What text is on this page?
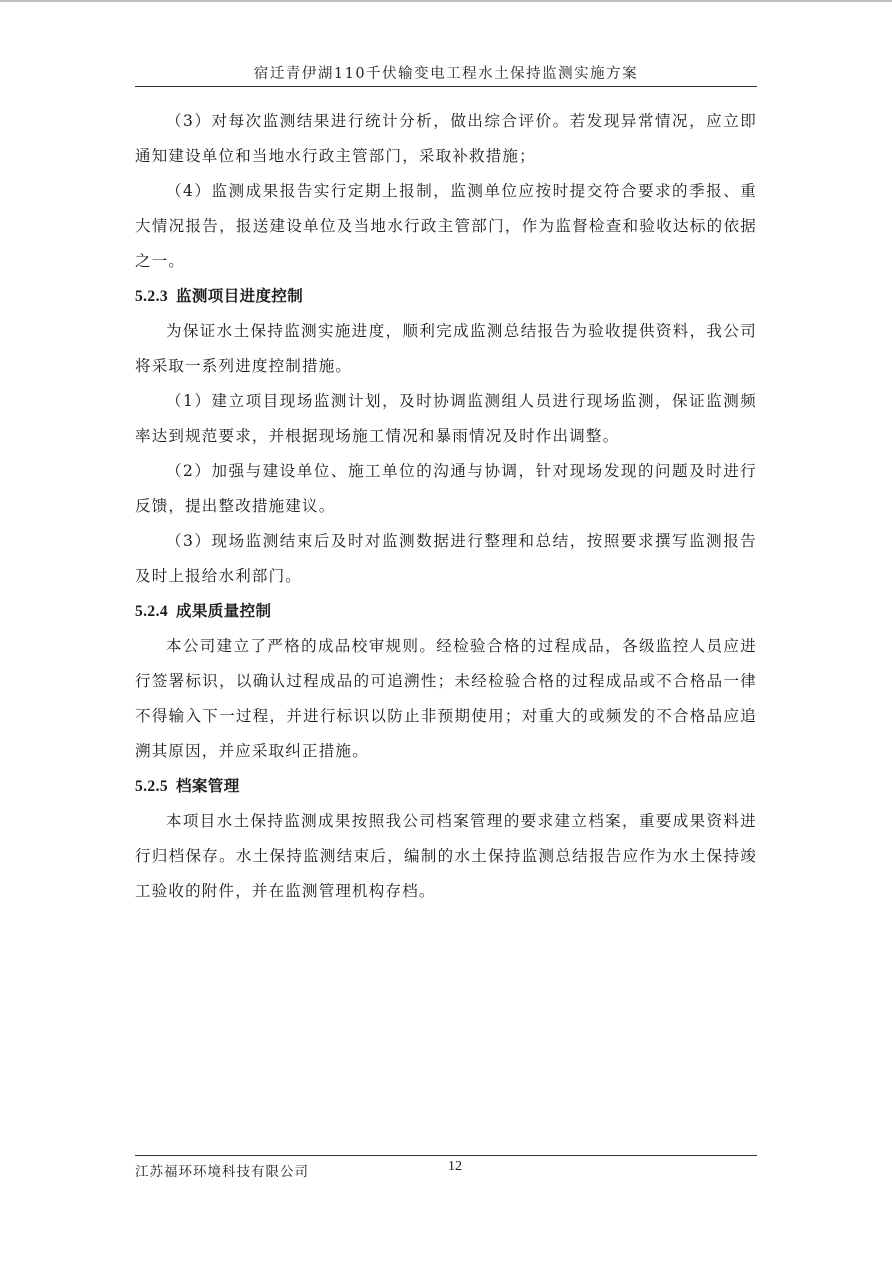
宿迁青伊湖110千伏输变电工程水土保持监测实施方案

（3）对每次监测结果进行统计分析，做出综合评价。若发现异常情况，应立即通知建设单位和当地水行政主管部门，采取补救措施；

（4）监测成果报告实行定期上报制，监测单位应按时提交符合要求的季报、重大情况报告，报送建设单位及当地水行政主管部门，作为监督检查和验收达标的依据之一。

5.2.3 监测项目进度控制

为保证水土保持监测实施进度，顺利完成监测总结报告为验收提供资料，我公司将采取一系列进度控制措施。

（1）建立项目现场监测计划，及时协调监测组人员进行现场监测，保证监测频率达到规范要求，并根据现场施工情况和暴雨情况及时作出调整。

（2）加强与建设单位、施工单位的沟通与协调，针对现场发现的问题及时进行反馈，提出整改措施建议。

（3）现场监测结束后及时对监测数据进行整理和总结，按照要求撰写监测报告及时上报给水利部门。

5.2.4 成果质量控制

本公司建立了严格的成品校审规则。经检验合格的过程成品，各级监控人员应进行签署标识，以确认过程成品的可追溯性；未经检验合格的过程成品或不合格品一律不得输入下一过程，并进行标识以防止非预期使用；对重大的或频发的不合格品应追溯其原因，并应采取纠正措施。

5.2.5 档案管理

本项目水土保持监测成果按照我公司档案管理的要求建立档案，重要成果资料进行归档保存。水土保持监测结束后，编制的水土保持监测总结报告应作为水土保持竣工验收的附件，并在监测管理机构存档。

江苏福环环境科技有限公司	12
